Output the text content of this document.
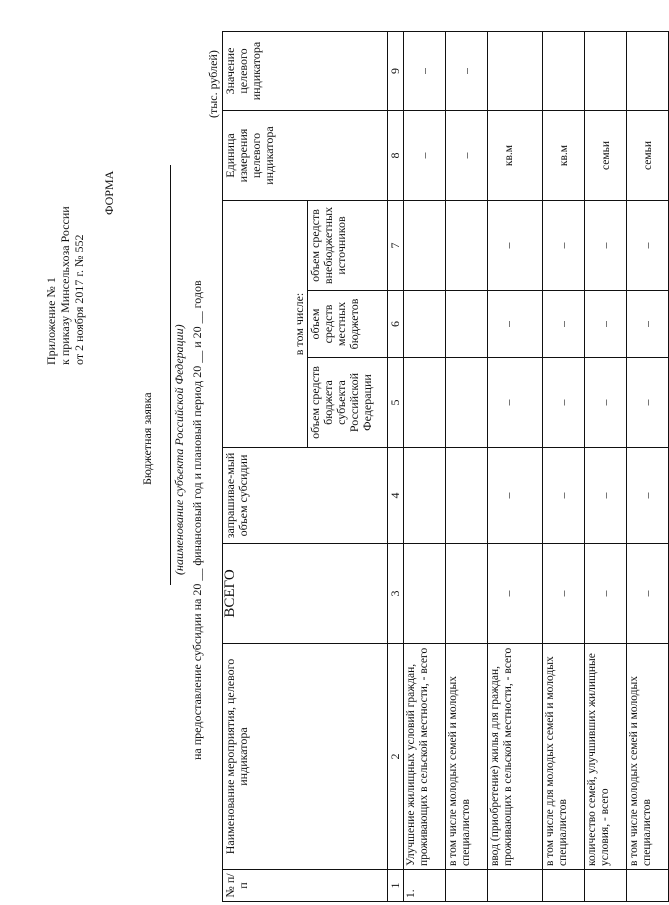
Приложение № 1 к приказу Минсельхоза России от 2 ноября 2017 г. № 552
ФОРМА
Бюджетная заявка (наименование субъекта Российской Федерации) на предоставление субсидии на 20 __ финансовый год и плановый период 20 __ и 20 __ годов
(тыс. рублей)
№ п/п	Наименование мероприятия, целевого индикатора	ВСЕГО	запрашивае-мый объем субсидии	в том числе:			Единица измерения целевого индикатора	Значение целевого индикатора
				объем средств бюджета субъекта Российской Федерации	объем средств местных бюджетов	объем средств внебюджетных источников		
1	2	3	4	5	6	7	8	9
1.	Улучшение жилищных условий граждан, проживающих в сельской местности, - всего						–	–

	в том числе молодых семей и молодых специалистов						–	–

	ввод (приобретение) жилья для граждан, проживающих в сельской местности, - всего	–	–	–	–	–	кв.м	

	в том числе для молодых семей и молодых специалистов	–	–	–	–	–	кв.м	

	количество семей, улучшивших жилищные условия, - всего	–	–	–	–	–	семьи	

	в том числе молодых семей и молодых специалистов	–	–	–	–	–	семьи	
